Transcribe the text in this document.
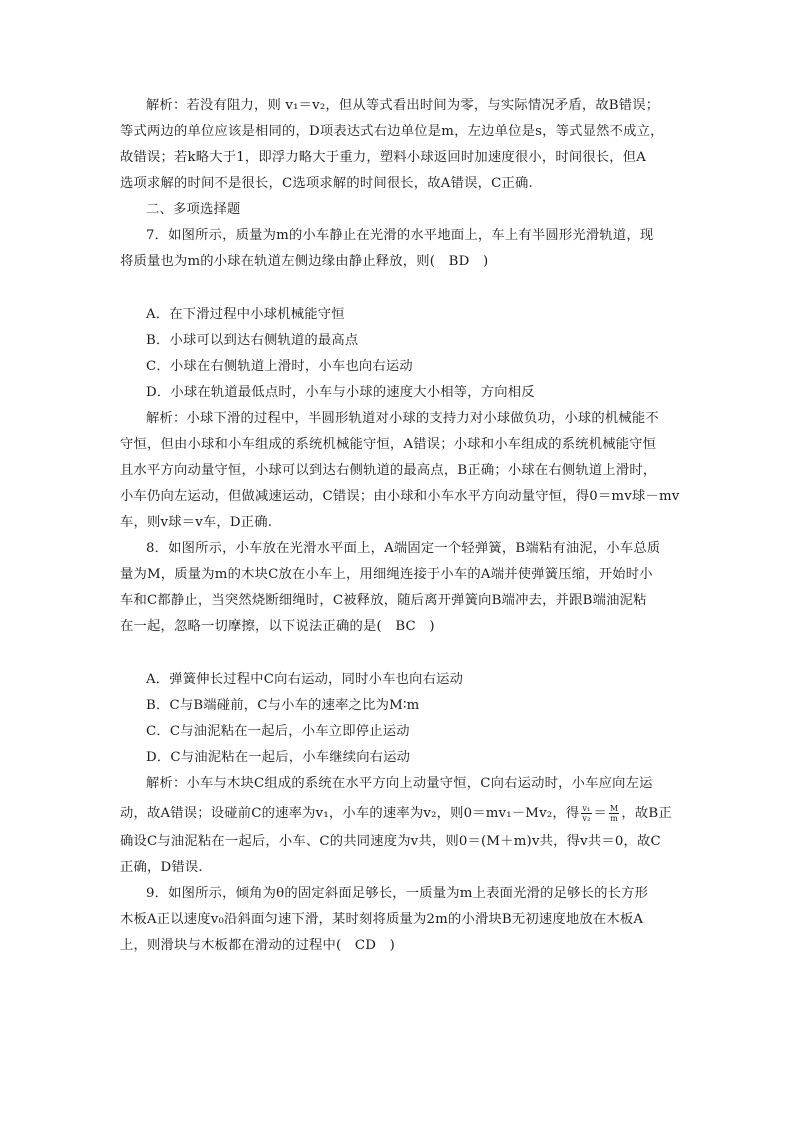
解析：若没有阻力，则 v₁＝v₂，但从等式看出时间为零，与实际情况矛盾，故B错误；
等式两边的单位应该是相同的，D项表达式右边单位是m，左边单位是s，等式显然不成立，
故错误；若k略大于1，即浮力略大于重力，塑料小球返回时加速度很小，时间很长，但A
选项求解的时间不是很长，C选项求解的时间很长，故A错误，C正确.
二、多项选择题
7．如图所示，质量为m的小车静止在光滑的水平地面上，车上有半圆形光滑轨道，现
将质量也为m的小球在轨道左侧边缘由静止释放，则(　BD　)
A．在下滑过程中小球机械能守恒
B．小球可以到达右侧轨道的最高点
C．小球在右侧轨道上滑时，小车也向右运动
D．小球在轨道最低点时，小车与小球的速度大小相等，方向相反
解析：小球下滑的过程中，半圆形轨道对小球的支持力对小球做负功，小球的机械能不
守恒，但由小球和小车组成的系统机械能守恒，A错误；小球和小车组成的系统机械能守恒
且水平方向动量守恒，小球可以到达右侧轨道的最高点，B正确；小球在右侧轨道上滑时，
小车仍向左运动，但做减速运动，C错误；由小球和小车水平方向动量守恒，得0＝mv球－mv
车，则v球＝v车，D正确.
8．如图所示，小车放在光滑水平面上，A端固定一个轻弹簧，B端粘有油泥，小车总质
量为M，质量为m的木块C放在小车上，用细绳连接于小车的A端并使弹簧压缩，开始时小
车和C都静止，当突然烧断细绳时，C被释放，随后离开弹簧向B端冲去，并跟B端油泥粘
在一起，忽略一切摩擦，以下说法正确的是(　BC　)
A．弹簧伸长过程中C向右运动，同时小车也向右运动
B．C与B端碰前，C与小车的速率之比为M∶m
C．C与油泥粘在一起后，小车立即停止运动
D．C与油泥粘在一起后，小车继续向右运动
解析：小车与木块C组成的系统在水平方向上动量守恒，C向右运动时，小车应向左运
动，故A错误；设碰前C的速率为v₁，小车的速率为v₂，则0＝mv₁－Mv₂，得 $\frac{\text{v₁}}{\text{v₂}} = \frac{M}{m}$ ，故B正
确设C与油泥粘在一起后，小车、C的共同速度为v共，则0＝(M＋m)v共，得v共＝0，故C
正确，D错误.
9．如图所示，倾角为θ的固定斜面足够长，一质量为m上表面光滑的足够长的长方形
木板A正以速度v₀沿斜面匀速下滑，某时刻将质量为2m的小滑块B无初速度地放在木板A
上，则滑块与木板都在滑动的过程中(　CD　)
